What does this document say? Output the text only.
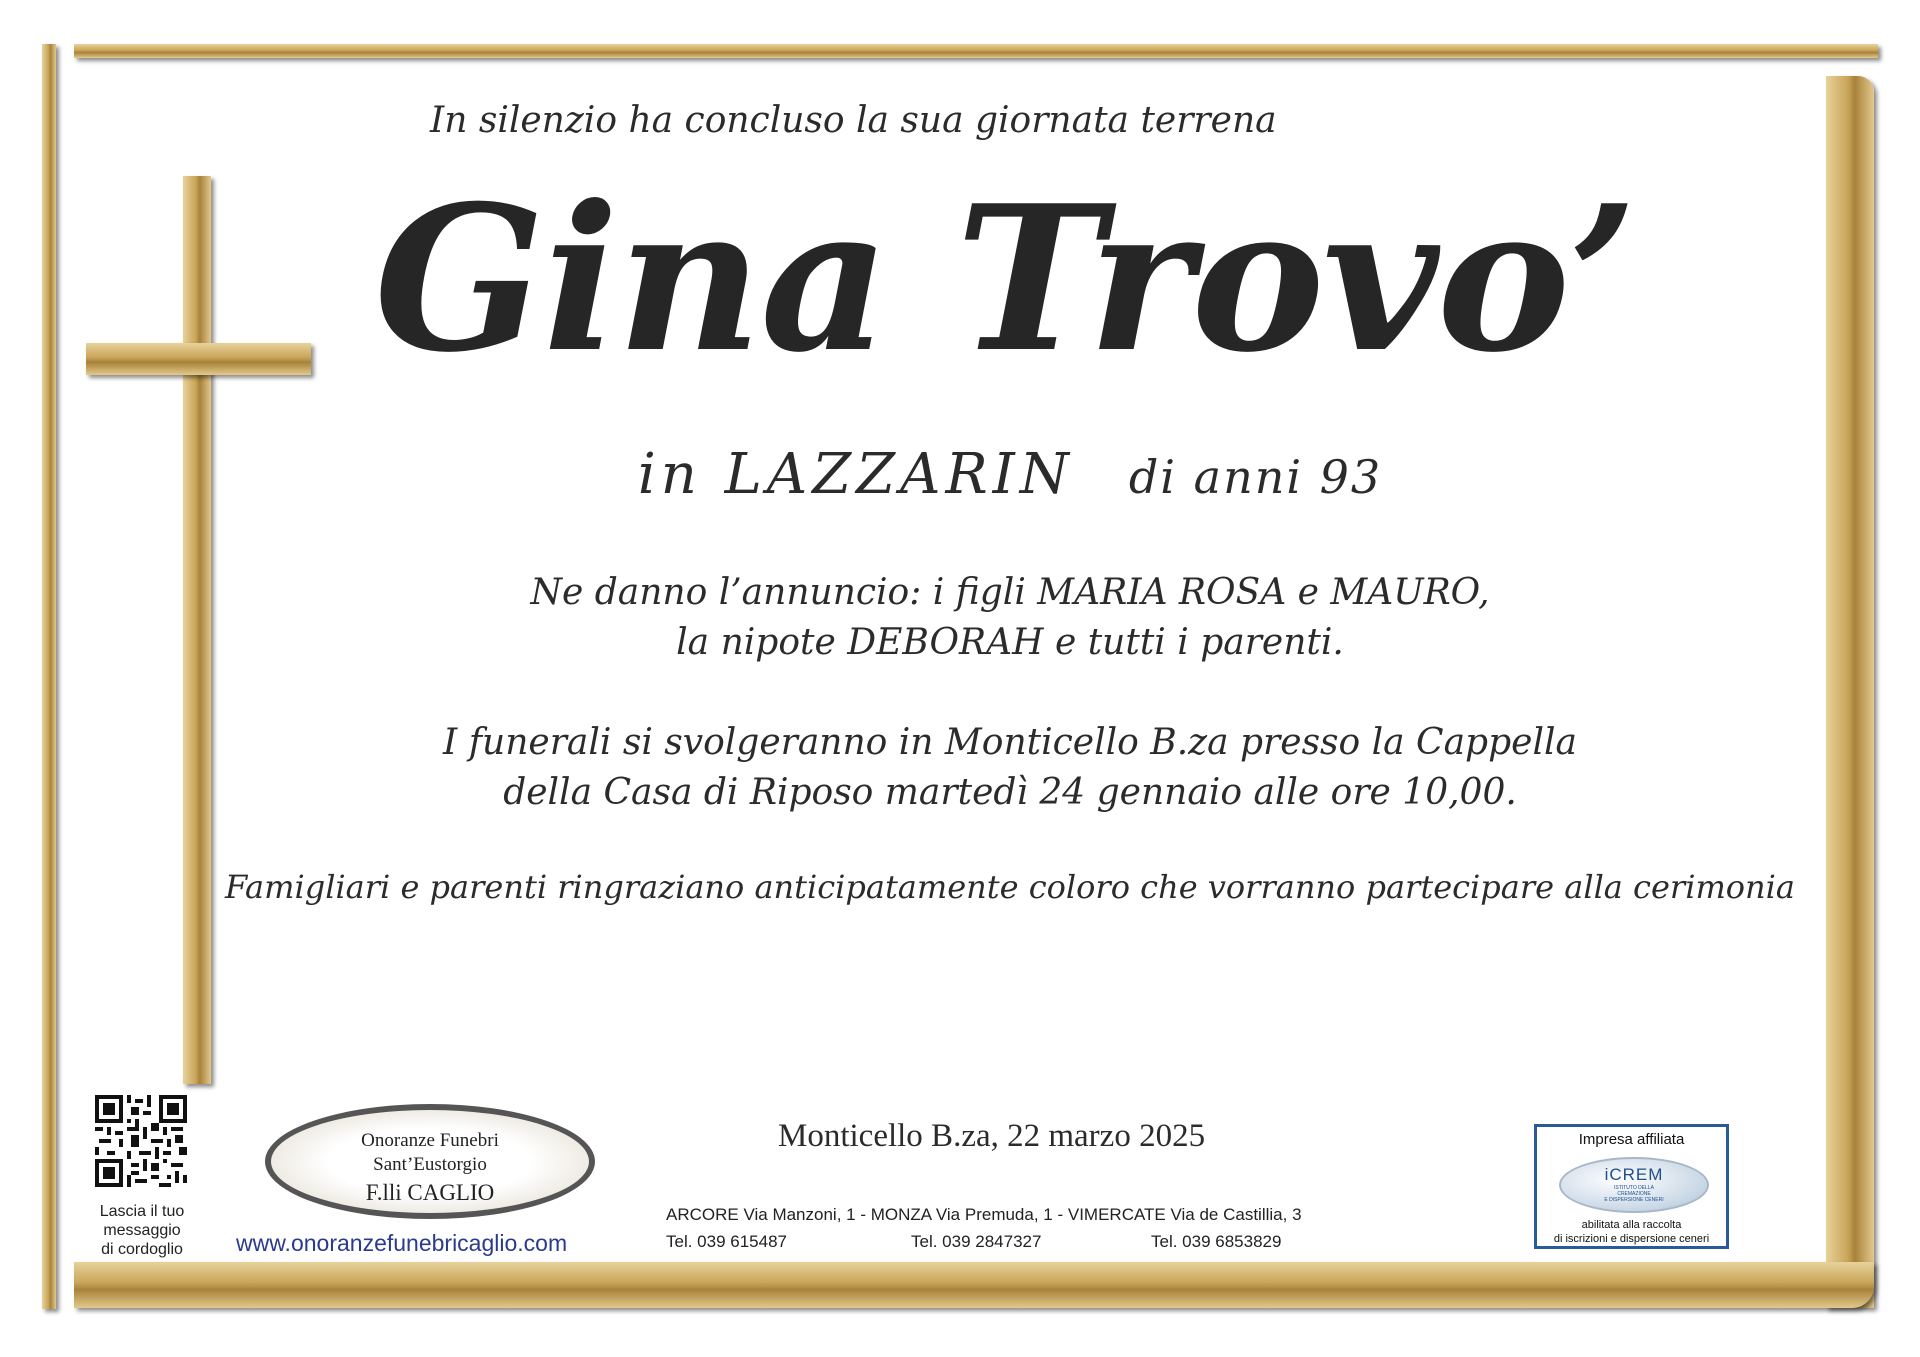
In silenzio ha concluso la sua giornata terrena
Gina Trovo’
in LAZZARIN di anni 93
Ne danno l’annuncio: i figli MARIA ROSA e MAURO,
la nipote DEBORAH e tutti i parenti.
I funerali si svolgeranno in Monticello B.za presso la Cappella
della Casa di Riposo martedì 24 gennaio alle ore 10,00.
Famigliari e parenti ringraziano anticipatamente coloro che vorranno partecipare alla cerimonia
Monticello B.za, 22 marzo 2025
Lascia il tuo
messaggio
di cordoglio
Onoranze Funebri
Sant’Eustorgio
F.lli CAGLIO
www.onoranzefunebricaglio.com
ARCORE Via Manzoni, 1 - MONZA Via Premuda, 1 - VIMERCATE Via de Castillia, 3
Tel. 039 615487	Tel. 039 2847327	Tel. 039 6853829
Impresa affiliata
iCREM
ISTITUTO DELLA
CREMAZIONE
E DISPERSIONE CENERI
abilitata alla raccolta
di iscrizioni e dispersione ceneri
